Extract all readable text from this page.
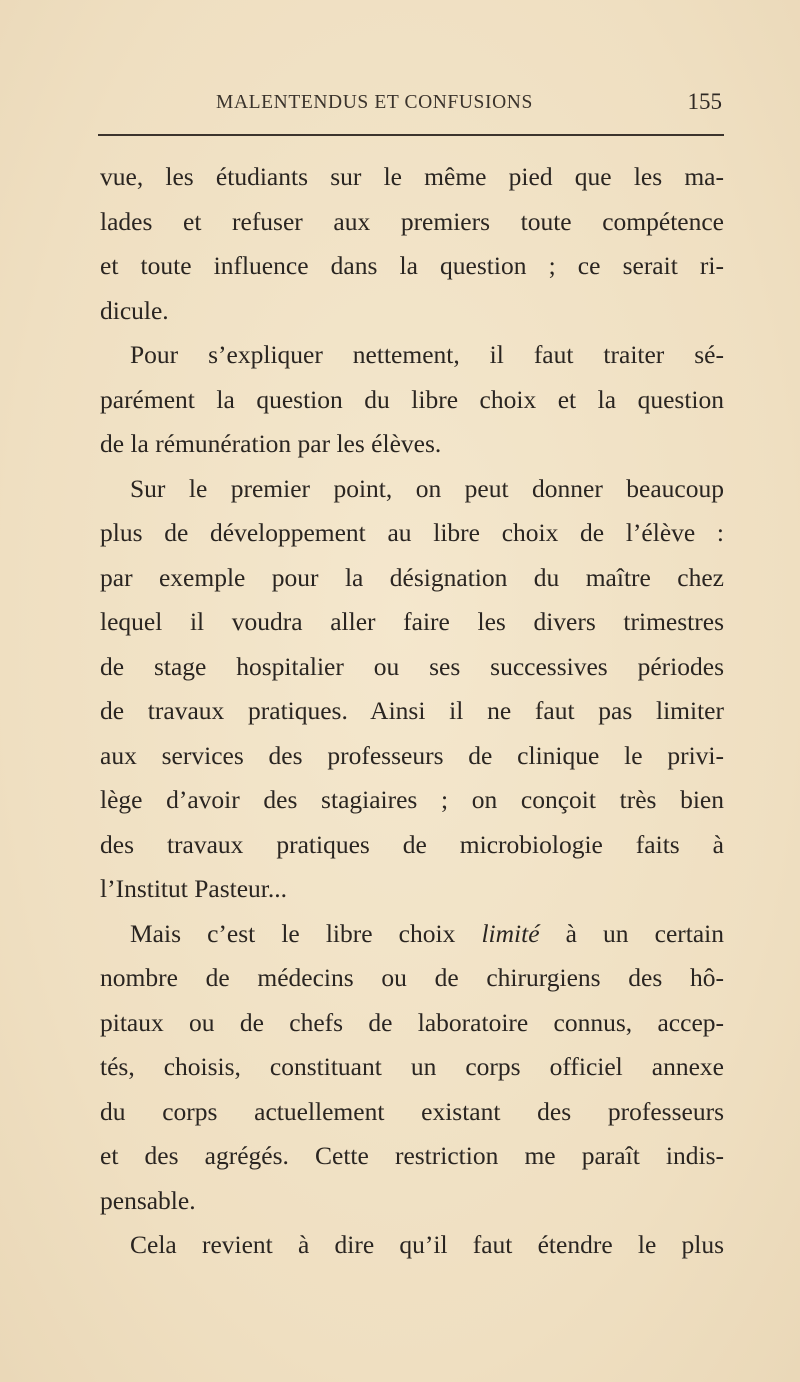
MALENTENDUS ET CONFUSIONS	155
vue, les étudiants sur le même pied que les ma-
lades et refuser aux premiers toute compétence
et toute influence dans la question ; ce serait ri-
dicule.
Pour s’expliquer nettement, il faut traiter sé-
parément la question du libre choix et la question
de la rémunération par les élèves.
Sur le premier point, on peut donner beaucoup
plus de développement au libre choix de l’élève :
par exemple pour la désignation du maître chez
lequel il voudra aller faire les divers trimestres
de stage hospitalier ou ses successives périodes
de travaux pratiques. Ainsi il ne faut pas limiter
aux services des professeurs de clinique le privi-
lège d’avoir des stagiaires ; on conçoit très bien
des travaux pratiques de microbiologie faits à
l’Institut Pasteur...
Mais c’est le libre choix limité à un certain
nombre de médecins ou de chirurgiens des hô-
pitaux ou de chefs de laboratoire connus, accep-
tés, choisis, constituant un corps officiel annexe
du corps actuellement existant des professeurs
et des agrégés. Cette restriction me paraît indis-
pensable.
Cela revient à dire qu’il faut étendre le plus
